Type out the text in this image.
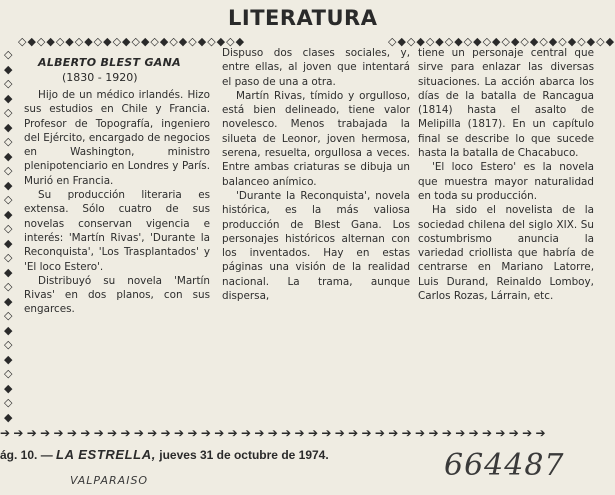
LITERATURA
◇◆◇◆◇◆◇◆◇◆◇◆◇◆◇◆◇◆◇◆◇◆◇◆	◇◆◇◆◇◆◇◆◇◆◇◆◇◆◇◆◇◆◇◆◇◆◇◆
◇
◆
◇
◆
◇
◆
◇
◆
◇
◆
◇
◆
◇
◆
◇
◆
◇
◆
◇
◆
◇
◆
◇
◆
◇
◆
ALBERTO BLEST GANA
(1830 - 1920)

Hijo de un médico irlandés. Hizo sus estudios en Chile y Francia. Profesor de Topografía, ingeniero del Ejército, encargado de negocios en Washington, ministro plenipotenciario en Londres y París. Murió en Francia.

Su producción literaria es extensa. Sólo cuatro de sus novelas conservan vigencia e interés: 'Martín Rivas', 'Durante la Reconquista', 'Los Trasplantados' y 'El loco Estero'.

Distribuyó su novela 'Martín Rivas' en dos planos, con sus engarces.

Dispuso dos clases sociales, y, entre ellas, al joven que intentará el paso de una a otra.

Martín Rivas, tímido y orgulloso, está bien delineado, tiene valor novelesco. Menos trabajada la silueta de Leonor, joven hermosa, serena, resuelta, orgullosa a veces. Entre ambas criaturas se dibuja un balanceo anímico.

'Durante la Reconquista', novela histórica, es la más valiosa producción de Blest Gana. Los personajes históricos alternan con los inventados. Hay en estas páginas una visión de la realidad nacional. La trama, aunque dispersa,

tiene un personaje central que sirve para enlazar las diversas situaciones. La acción abarca los días de la batalla de Rancagua (1814) hasta el asalto de Melipilla (1817). En un capítulo final se describe lo que sucede hasta la batalla de Chacabuco.

'El loco Estero' es la novela que muestra mayor naturalidad en toda su producción.

Ha sido el novelista de la sociedad chilena del siglo XIX. Su costumbrismo anuncia la variedad criollista que habría de centrarse en Mariano Latorre, Luis Durand, Reinaldo Lomboy, Carlos Rozas, Lárrain, etc.

➔ ➔ ➔ ➔ ➔ ➔ ➔ ➔ ➔ ➔ ➔ ➔ ➔ ➔ ➔ ➔ ➔ ➔ ➔ ➔ ➔ ➔ ➔ ➔ ➔ ➔ ➔ ➔ ➔ ➔ ➔ ➔ ➔ ➔ ➔ ➔ ➔ ➔ ➔ ➔ ➔
ág. 10. — LA ESTRELLA, jueves 31 de octubre de 1974.	664487
VALPARAISO
